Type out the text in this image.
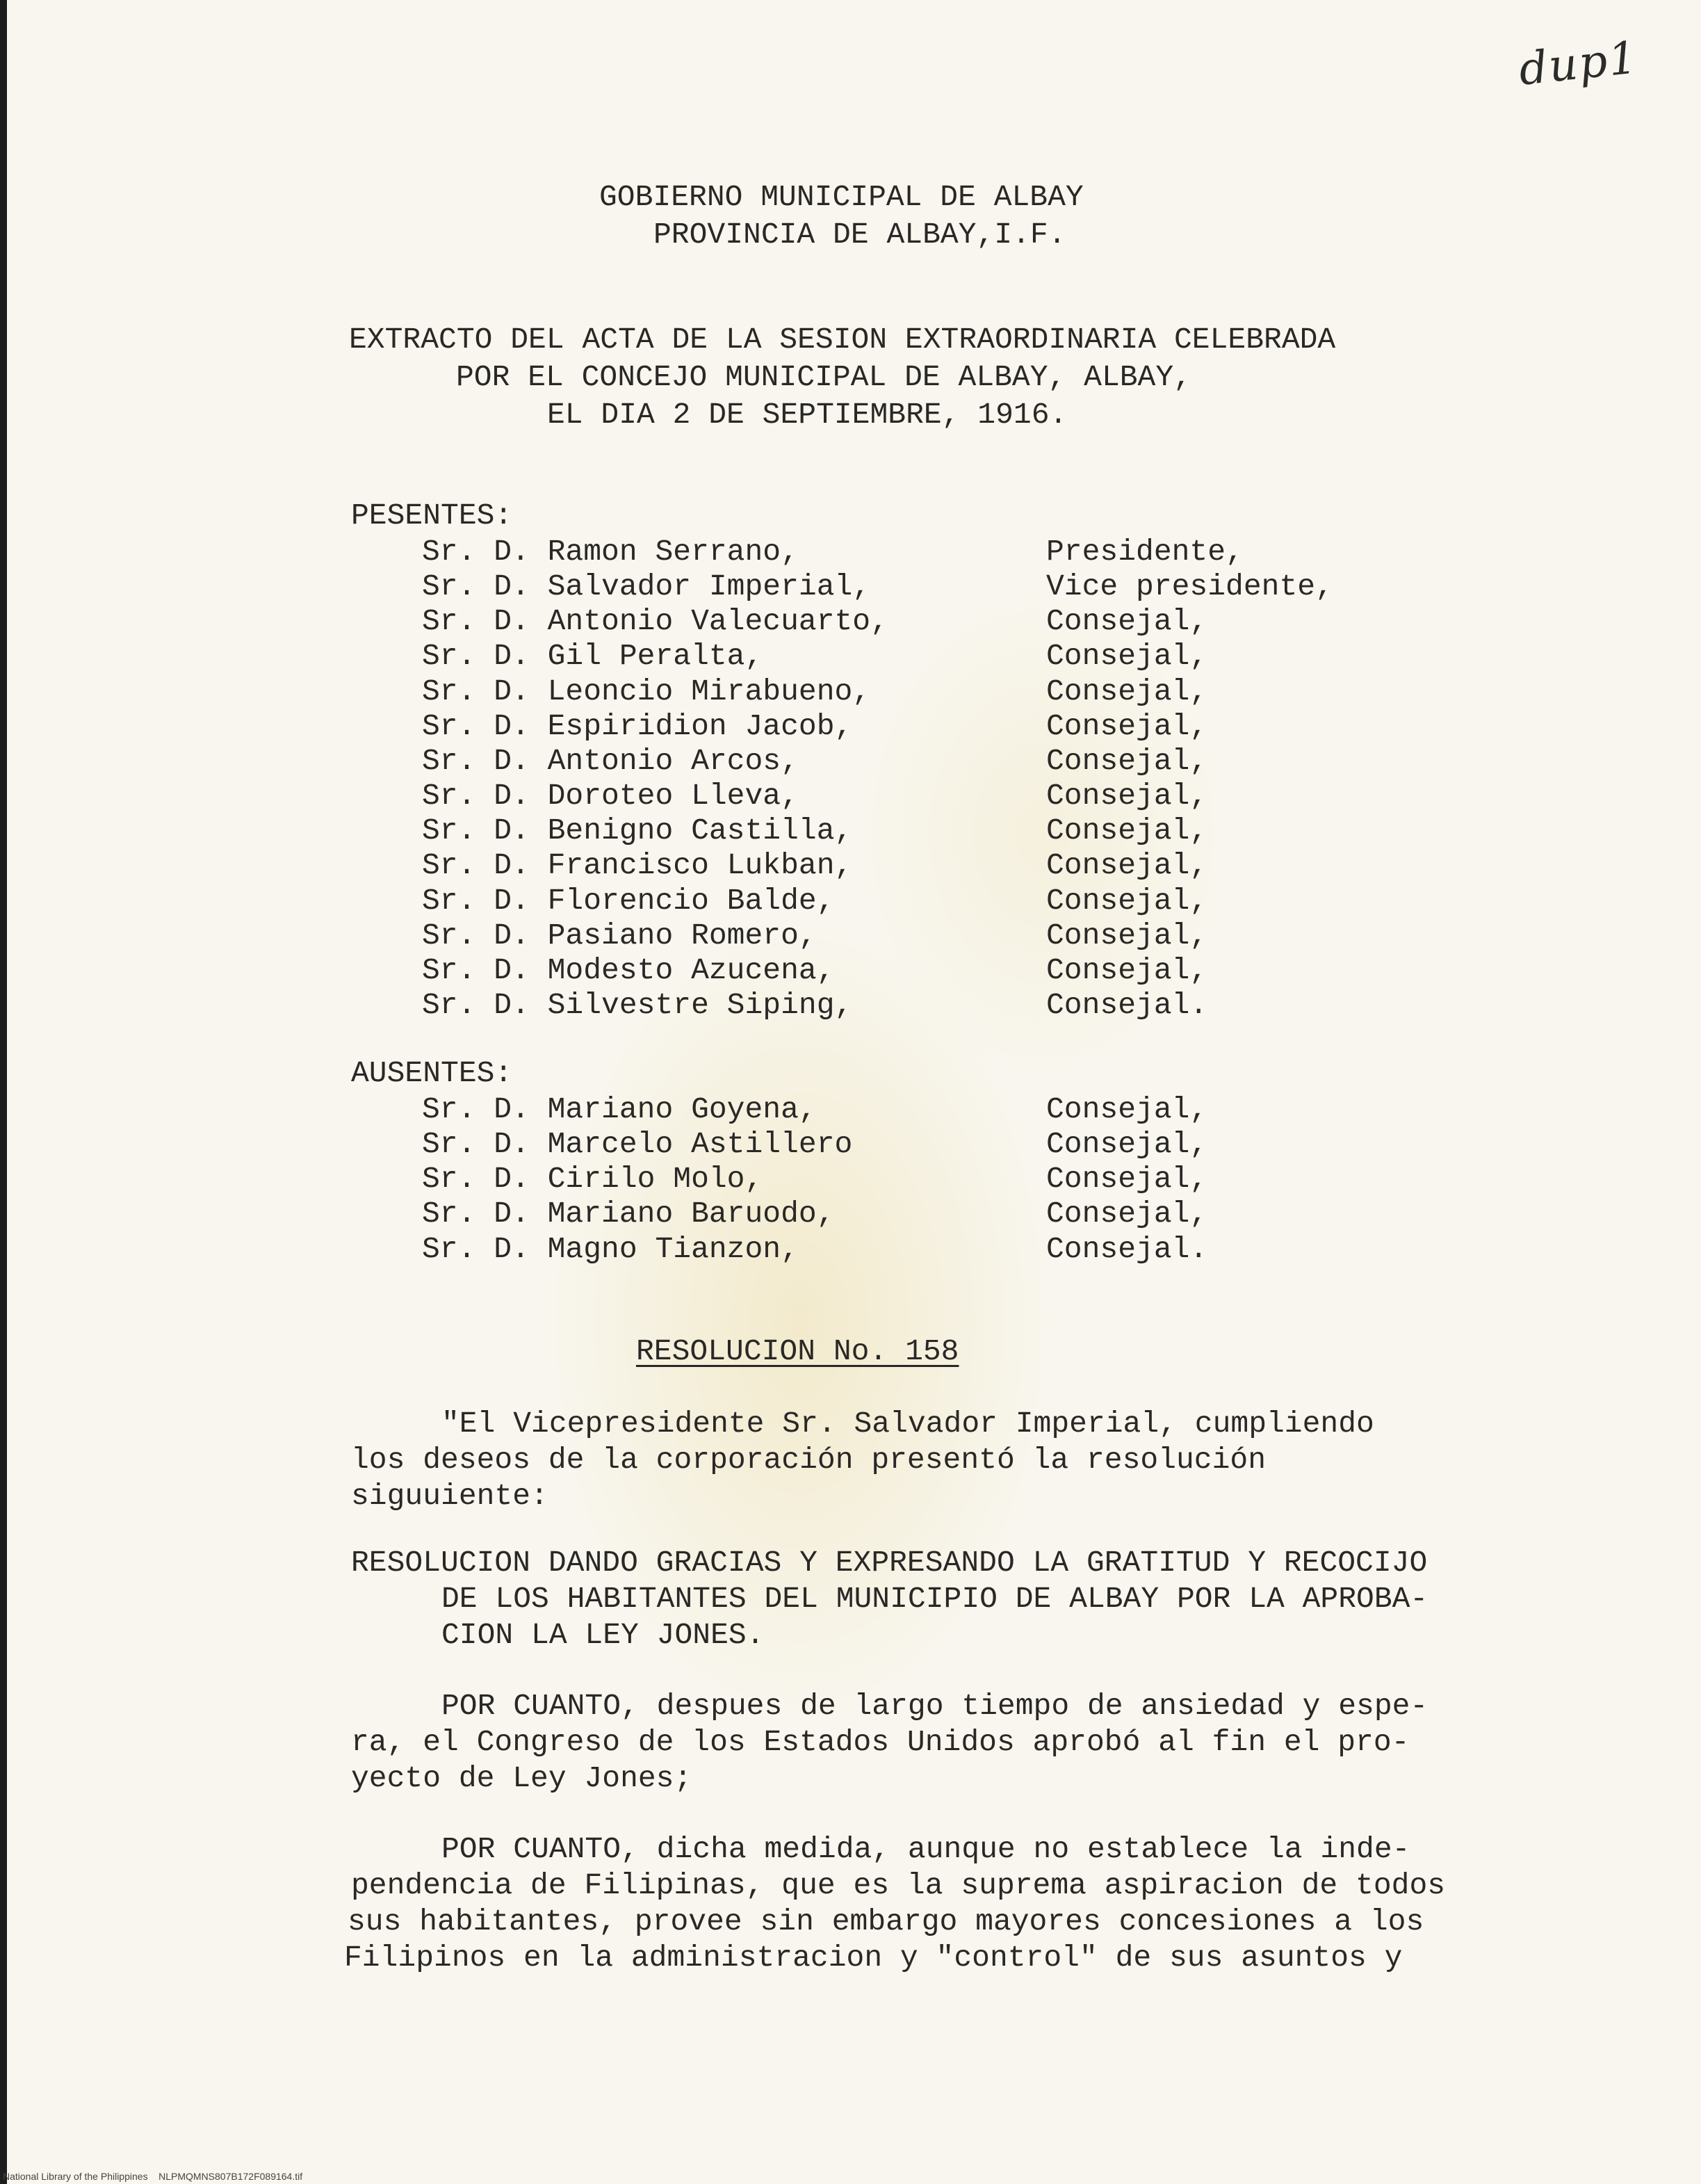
dup1
GOBIERNO MUNICIPAL DE ALBAY
PROVINCIA DE ALBAY,I.F.
EXTRACTO DEL ACTA DE LA SESION EXTRAORDINARIA CELEBRADA
POR EL CONCEJO MUNICIPAL DE ALBAY, ALBAY,
EL DIA 2 DE SEPTIEMBRE, 1916.
PESENTES:
Sr. D. Ramon Serrano,	Presidente,
Sr. D. Salvador Imperial,	Vice presidente,
Sr. D. Antonio Valecuarto,	Consejal,
Sr. D. Gil Peralta,	Consejal,
Sr. D. Leoncio Mirabueno,	Consejal,
Sr. D. Espiridion Jacob,	Consejal,
Sr. D. Antonio Arcos,	Consejal,
Sr. D. Doroteo Lleva,	Consejal,
Sr. D. Benigno Castilla,	Consejal,
Sr. D. Francisco Lukban,	Consejal,
Sr. D. Florencio Balde,	Consejal,
Sr. D. Pasiano Romero,	Consejal,
Sr. D. Modesto Azucena,	Consejal,
Sr. D. Silvestre Siping,	Consejal.
AUSENTES:
Sr. D. Mariano Goyena,	Consejal,
Sr. D. Marcelo Astillero	Consejal,
Sr. D. Cirilo Molo,	Consejal,
Sr. D. Mariano Baruodo,	Consejal,
Sr. D. Magno Tianzon,	Consejal.
RESOLUCION No. 158
"El Vicepresidente Sr. Salvador Imperial, cumpliendo
los deseos de la corporación presentó la resolución
siguuiente:
RESOLUCION DANDO GRACIAS Y EXPRESANDO LA GRATITUD Y RECOCIJO
DE LOS HABITANTES DEL MUNICIPIO DE ALBAY POR LA APROBA-
CION LA LEY JONES.
POR CUANTO, despues de largo tiempo de ansiedad y espe-
ra, el Congreso de los Estados Unidos aprobó al fin el pro-
yecto de Ley Jones;
POR CUANTO, dicha medida, aunque no establece la inde-
pendencia de Filipinas, que es la suprema aspiracion de todos
sus habitantes, provee sin embargo mayores concesiones a los
Filipinos en la administracion y "control" de sus asuntos y
National Library of the Philippines    NLPMQMNS807B172F089164.tif
